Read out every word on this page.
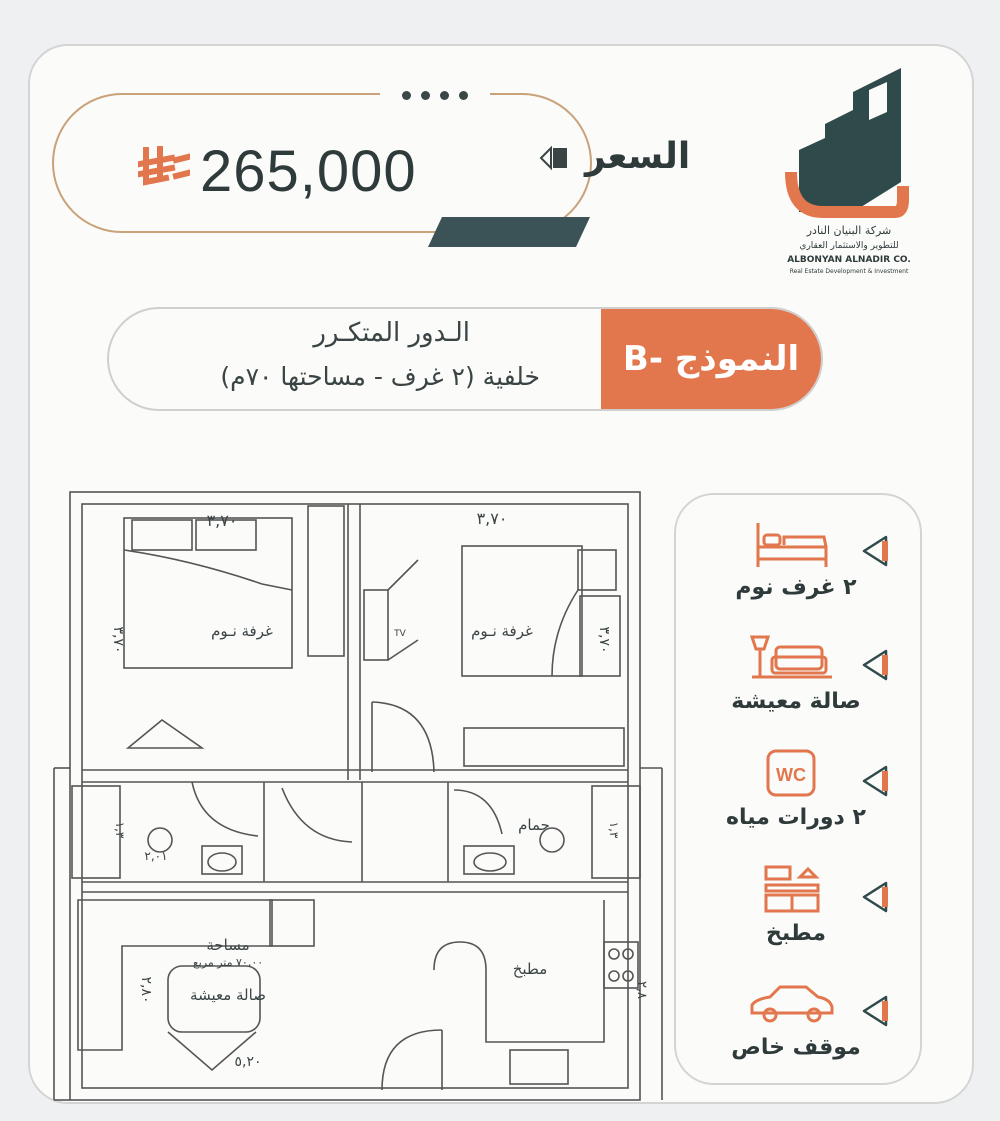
265,000	السعر
شركة البنيان النادر
للتطوير والاستثمار العقاري
ALBONYAN ALNADIR CO.
Real Estate Development & Investment
النموذج -B
الـدور المتكـرر
خلفية (٢ غرف - مساحتها ٧٠م)
غرفة نـوم	غرفة نـوم
حمام
مطبخ
مساحة
٧٠,٠٠ متر مربع
صالة معيشة
٣,٧٠	٣,٧٠
٣,٧٠	٣,٧٠
٢,٠١
١,٣	١,٣
٢,٨٠
٥,٢٠
٢,٨
TV
٢ غرف نوم
صالة معيشة
WC
٢ دورات مياه
مطبخ
موقف خاص
